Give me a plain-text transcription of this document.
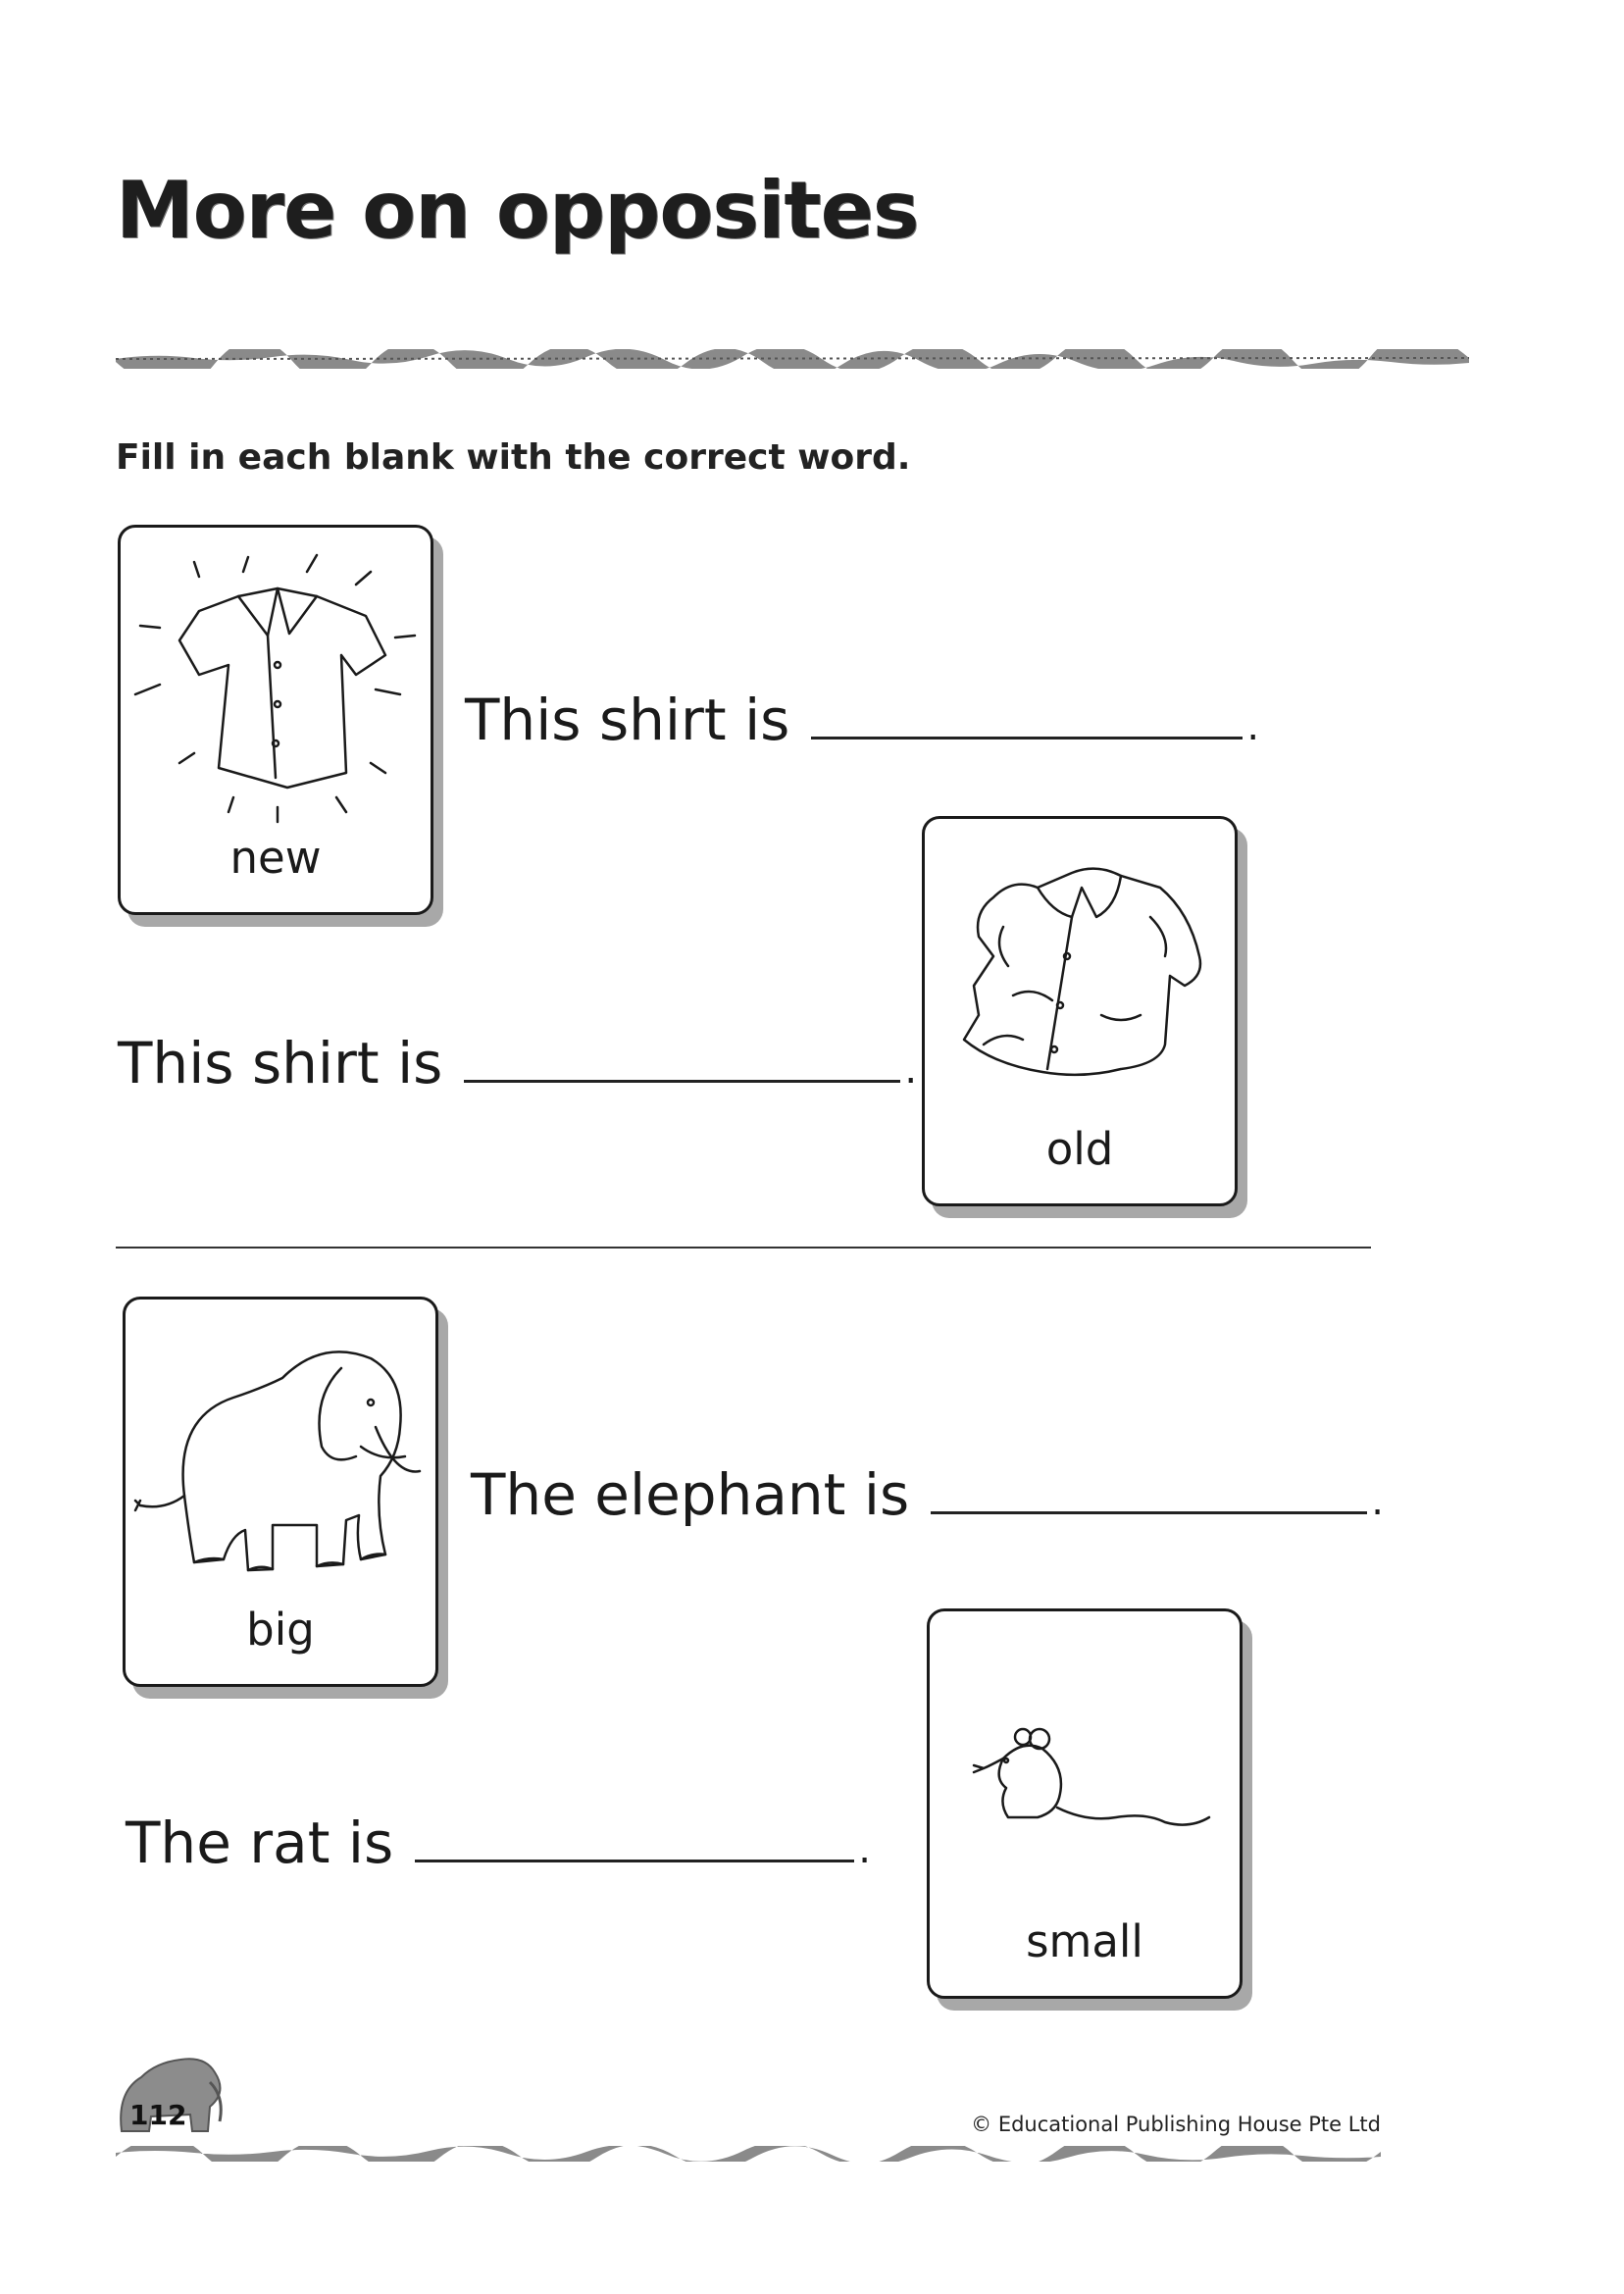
More on opposites

Fill in each blank with the correct word.

new
This shirt is	.
This shirt is	.
old
big
The elephant is	.
The rat is	.
small
112	© Educational Publishing House Pte Ltd
